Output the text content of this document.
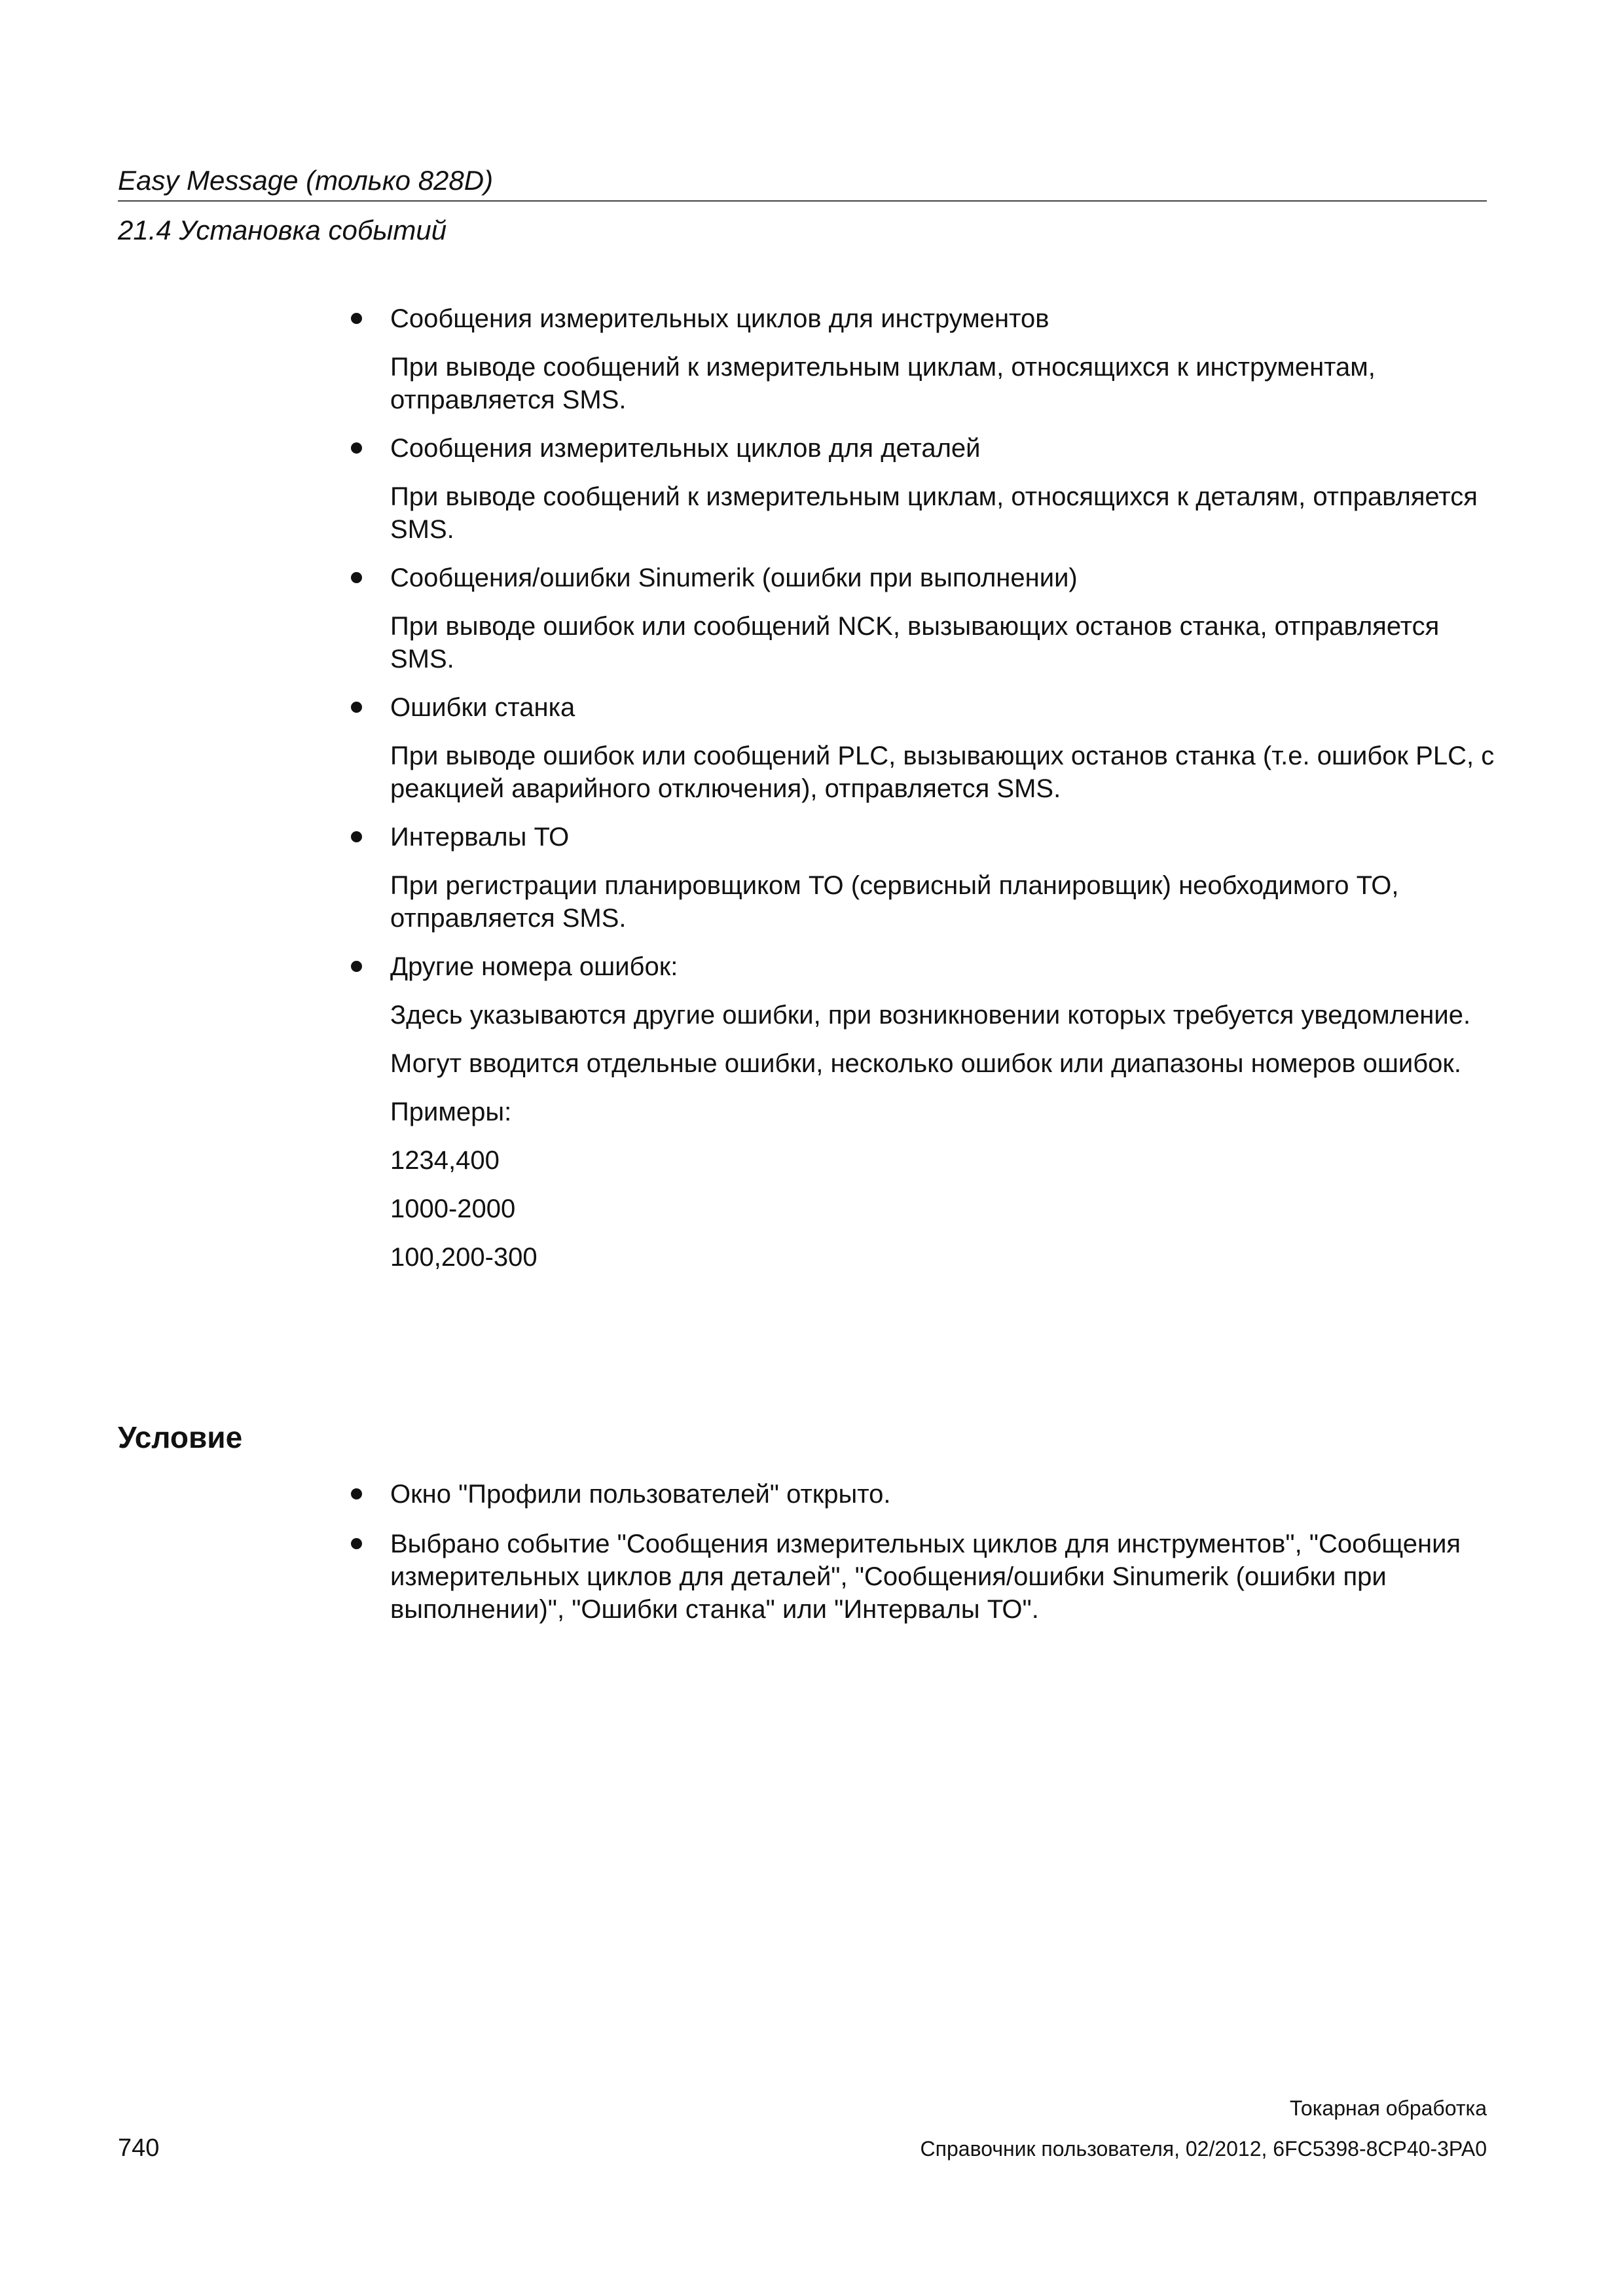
Easy Message (только 828D)
21.4 Установка событий
Сообщения измерительных циклов для инструментов
При выводе сообщений к измерительным циклам, относящихся к инструментам, отправляется SMS.
Сообщения измерительных циклов для деталей
При выводе сообщений к измерительным циклам, относящихся к деталям, отправляется SMS.
Сообщения/ошибки Sinumerik (ошибки при выполнении)
При выводе ошибок или сообщений NCK, вызывающих останов станка, отправляется SMS.
Ошибки станка
При выводе ошибок или сообщений PLC, вызывающих останов станка (т.е. ошибок PLC, с реакцией аварийного отключения), отправляется SMS.
Интервалы ТО
При регистрации планировщиком ТО (сервисный планировщик) необходимого ТО, отправляется SMS.
Другие номера ошибок:
Здесь указываются другие ошибки, при возникновении которых требуется уведомление.
Могут вводится отдельные ошибки, несколько ошибок или диапазоны номеров ошибок.
Примеры:
1234,400
1000-2000
100,200-300
Условие
Окно "Профили пользователей" открыто.
Выбрано событие "Сообщения измерительных циклов для инструментов", "Сообщения измерительных циклов для деталей", "Сообщения/ошибки Sinumerik (ошибки при выполнении)", "Ошибки станка" или "Интервалы ТО".
740
Токарная обработка
Справочник пользователя, 02/2012, 6FC5398-8CP40-3PA0
